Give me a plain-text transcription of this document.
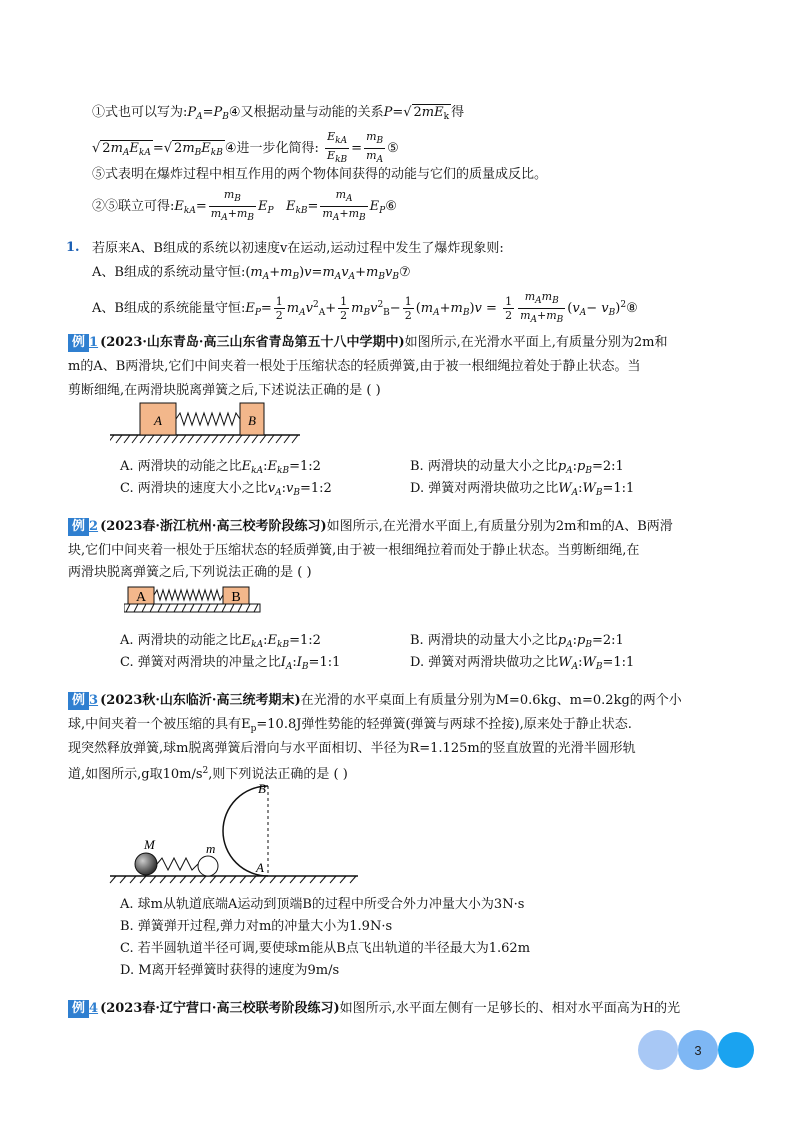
①式也可以写为$:P_A=P_B④$又根据动量与动能的关系P=√ $2mE_k$ 得
√ $2m_AE_{kA}$ =√ $2m_BE_{kB}$ ④进一步化简得: $\frac{E_{kA}}{E_{kB}} = \frac{m_B}{m_A}$ ⑤
⑤式表明在爆炸过程中相互作用的两个物体间获得的动能与它们的质量成反比。
②⑤联立可得$:E_{kA}= \frac{m_B}{m_A+m_B} E_P$ $E_{kB}= \frac{m_A}{m_A+m_B}$ $E_P⑥$
1. 若原来A、B组成的系统以初速度v在运动,运动过程中发生了爆炸现象则:
A、B组成的系统动量守恒$:(m_A+m_B)v=m_Av_A+m_Bv_B⑦$
A、B组成的系统能量守恒$:E_P= \frac{1}{2} m_Av^2_A+ \frac{1}{2} m_Bv^2_B- \frac{1}{2} (m_A+m_B)v = \frac{1}{2} \frac{m_Am_B}{m_A+m_B} (v_A-$ $v_B)^2⑧$
例 1 (2023·山东青岛·高三山东省青岛第五十八中学期中)如图所示,在光滑水平面上,有质量分别为2m和
m的A、B两滑块,它们中间夹着一根处于压缩状态的轻质弹簧,由于被一根细绳拉着处于静止状态。当
剪断细绳,在两滑块脱离弹簧之后,下述说法正确的是 ( )
A	B
A. 两滑块的动能之比$E_{kA}:E_{kB}=1:2$	B. 两滑块的动量大小之比$p_A:p_B=2:1$
C. 两滑块的速度大小之比$v_A:v_B=1:2$	D. 弹簧对两滑块做功之比$W_A:W_B=1:1$
例 2 (2023春·浙江杭州·高三校考阶段练习)如图所示,在光滑水平面上,有质量分别为2m和m的A、B两滑
块,它们中间夹着一根处于压缩状态的轻质弹簧,由于被一根细绳拉着而处于静止状态。当剪断细绳,在
两滑块脱离弹簧之后,下列说法正确的是 ( )
A	B
A. 两滑块的动能之比$E_{kA}:E_{kB}=1:2$	B. 两滑块的动量大小之比$p_A:p_B=2:1$
C. 弹簧对两滑块的冲量之比$I_A:I_B=1:1$	D. 弹簧对两滑块做功之比$W_A:W_B=1:1$
例 3 (2023秋·山东临沂·高三统考期末)在光滑的水平桌面上有质量分别为M=0.6kg、m=0.2kg的两个小
球,中间夹着一个被压缩的具有$E_p=10.8J$弹性势能的轻弹簧(弹簧与两球不拴接),原来处于静止状态.
现突然释放弹簧,球m脱离弹簧后滑向与水平面相切、半径为R=1.125m的竖直放置的光滑半圆形轨
道,如图所示,g取$10m/s^2$,则下列说法正确的是 ( )
M	m
B
A
A. 球m从轨道底端A运动到顶端B的过程中所受合外力冲量大小为3N·s
B. 弹簧弹开过程,弹力对m的冲量大小为1.9N·s
C. 若半圆轨道半径可调,要使球m能从B点飞出轨道的半径最大为1.62m
D. M离开轻弹簧时获得的速度为9m/s
例 4 (2023春·辽宁营口·高三校联考阶段练习)如图所示,水平面左侧有一足够长的、相对水平面高为H的光
3
